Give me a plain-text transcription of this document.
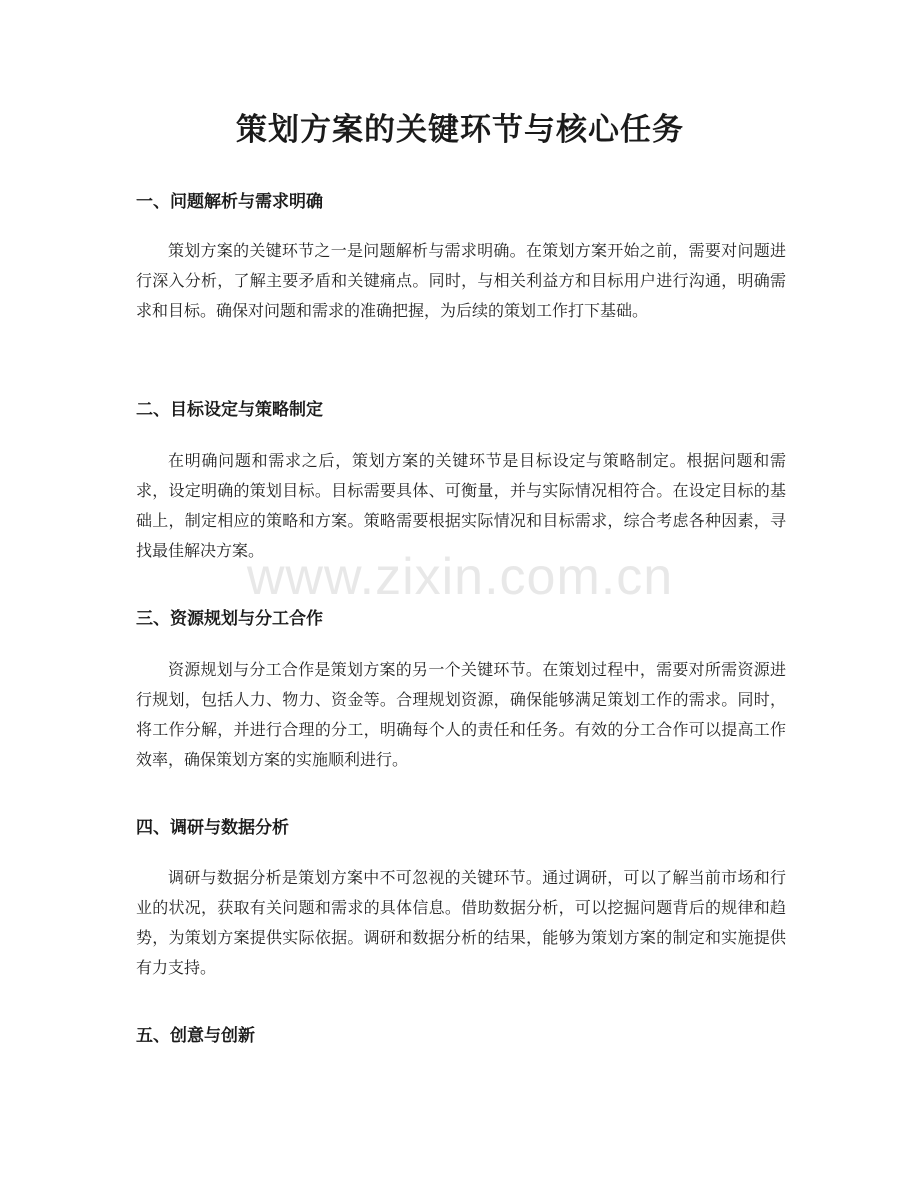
策划方案的关键环节与核心任务
一、问题解析与需求明确

策划方案的关键环节之一是问题解析与需求明确。在策划方案开始之前，需要对问题进行深入分析，了解主要矛盾和关键痛点。同时，与相关利益方和目标用户进行沟通，明确需求和目标。确保对问题和需求的准确把握，为后续的策划工作打下基础。

二、目标设定与策略制定

在明确问题和需求之后，策划方案的关键环节是目标设定与策略制定。根据问题和需求，设定明确的策划目标。目标需要具体、可衡量，并与实际情况相符合。在设定目标的基础上，制定相应的策略和方案。策略需要根据实际情况和目标需求，综合考虑各种因素，寻找最佳解决方案。

三、资源规划与分工合作

资源规划与分工合作是策划方案的另一个关键环节。在策划过程中，需要对所需资源进行规划，包括人力、物力、资金等。合理规划资源，确保能够满足策划工作的需求。同时，将工作分解，并进行合理的分工，明确每个人的责任和任务。有效的分工合作可以提高工作效率，确保策划方案的实施顺利进行。

四、调研与数据分析

调研与数据分析是策划方案中不可忽视的关键环节。通过调研，可以了解当前市场和行业的状况，获取有关问题和需求的具体信息。借助数据分析，可以挖掘问题背后的规律和趋势，为策划方案提供实际依据。调研和数据分析的结果，能够为策划方案的制定和实施提供有力支持。

五、创意与创新
www.zixin.com.cn
